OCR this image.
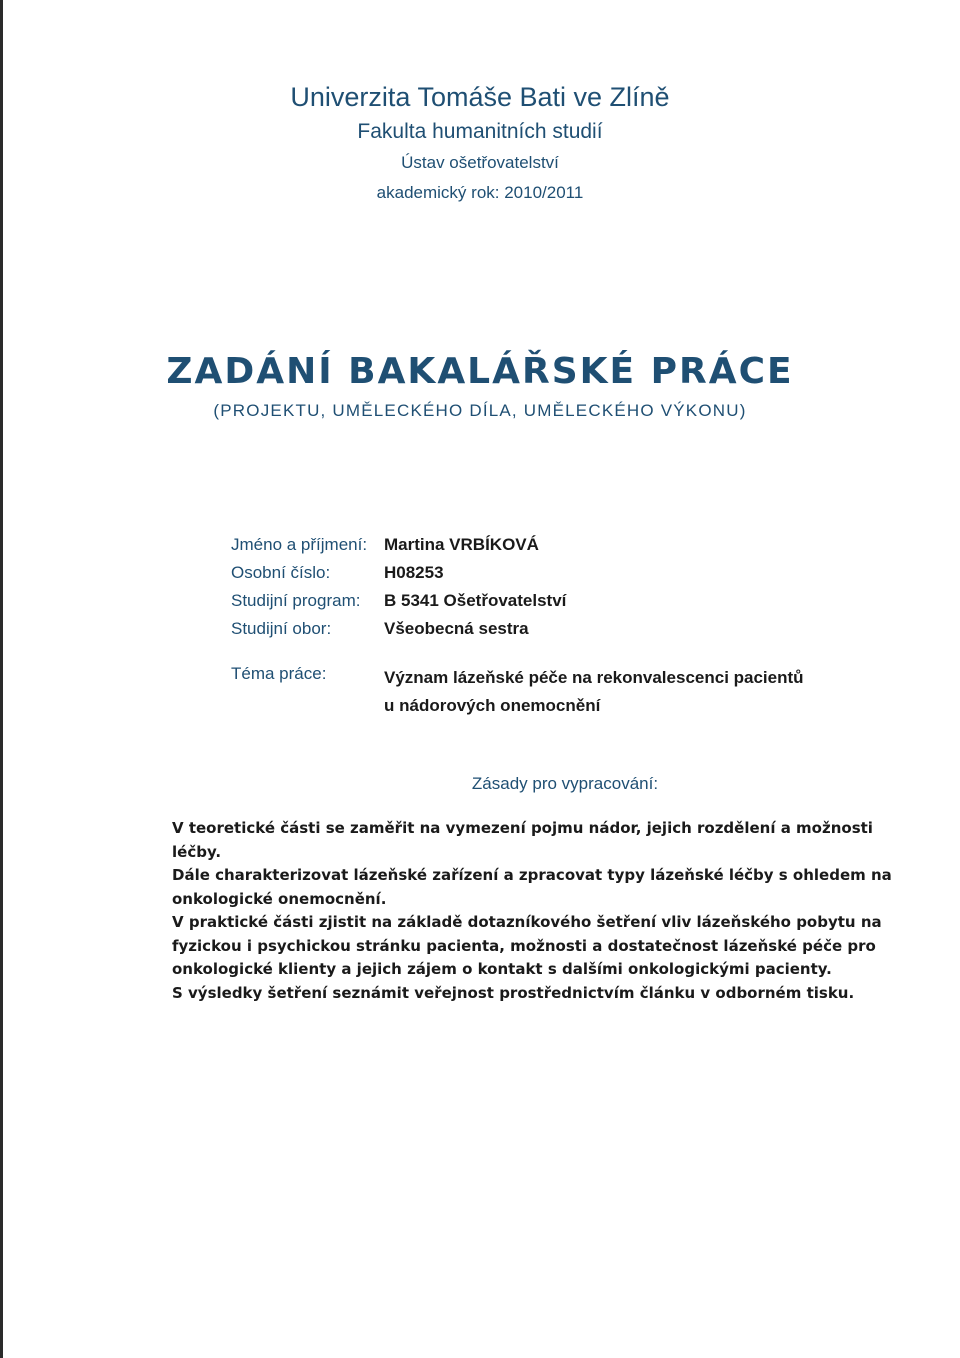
Univerzita Tomáše Bati ve Zlíně
Fakulta humanitních studií
Ústav ošetřovatelství
akademický rok: 2010/2011
ZADÁNÍ BAKALÁŘSKÉ PRÁCE
(PROJEKTU, UMĚLECKÉHO DÍLA, UMĚLECKÉHO VÝKONU)
Jméno a příjmení: Martina VRBÍKOVÁ
Osobní číslo:	H08253
Studijní program:	B 5341 Ošetřovatelství
Studijní obor:	Všeobecná sestra
Téma práce:	Význam lázeňské péče na rekonvalescenci pacientů
u nádorových onemocnění
Zásady pro vypracování:
V teoretické části se zaměřit na vymezení pojmu nádor, jejich rozdělení a možnosti
léčby.
Dále charakterizovat lázeňské zařízení a zpracovat typy lázeňské léčby s ohledem na
onkologické onemocnění.
V praktické části zjistit na základě dotazníkového šetření vliv lázeňského pobytu na
fyzickou i psychickou stránku pacienta, možnosti a dostatečnost lázeňské péče pro
onkologické klienty a jejich zájem o kontakt s dalšími onkologickými pacienty.
S výsledky šetření seznámit veřejnost prostřednictvím článku v odborném tisku.
